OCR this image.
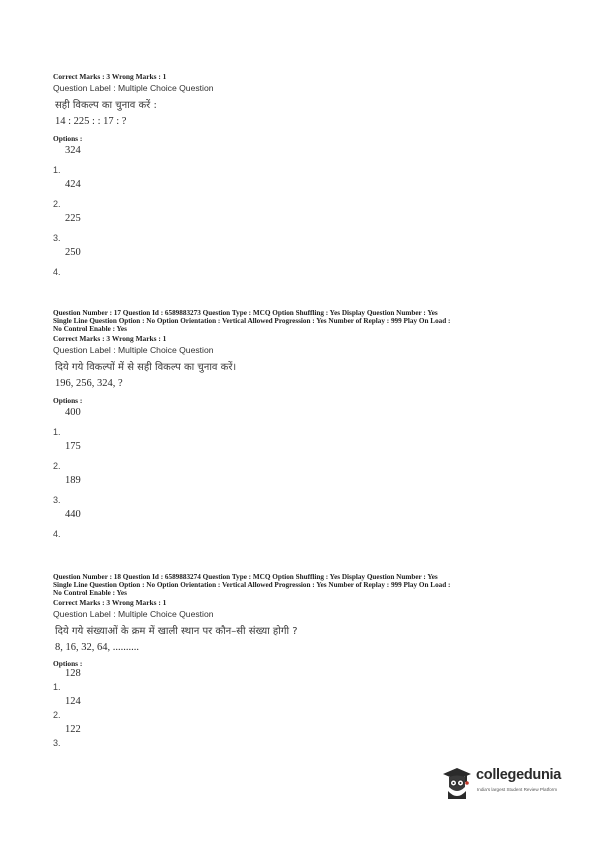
Correct Marks : 3 Wrong Marks : 1
Question Label : Multiple Choice Question
सही विकल्प का चुनाव करें :
14 : 225 : : 17 : ?
Options :
1.
324
2.
424
3.
225
4.
250
Question Number : 17 Question Id : 6589883273 Question Type : MCQ Option Shuffling : Yes Display Question Number : Yes
Single Line Question Option : No Option Orientation : Vertical Allowed Progression : Yes Number of Replay : 999 Play On Load :
No Control Enable : Yes
Correct Marks : 3 Wrong Marks : 1
Question Label : Multiple Choice Question
दिये गये विकल्पों में से सही विकल्प का चुनाव करें।
196, 256, 324, ?
Options :
1.
400
2.
175
3.
189
4.
440
Question Number : 18 Question Id : 6589883274 Question Type : MCQ Option Shuffling : Yes Display Question Number : Yes
Single Line Question Option : No Option Orientation : Vertical Allowed Progression : Yes Number of Replay : 999 Play On Load :
No Control Enable : Yes
Correct Marks : 3 Wrong Marks : 1
Question Label : Multiple Choice Question
दिये गये संख्याओं के क्रम में खाली स्थान पर कौन–सी संख्या होगी ?
8, 16, 32, 64, ..........
Options :
1.
128
2.
124
3.
122
collegedunia
India's largest Student Review Platform
